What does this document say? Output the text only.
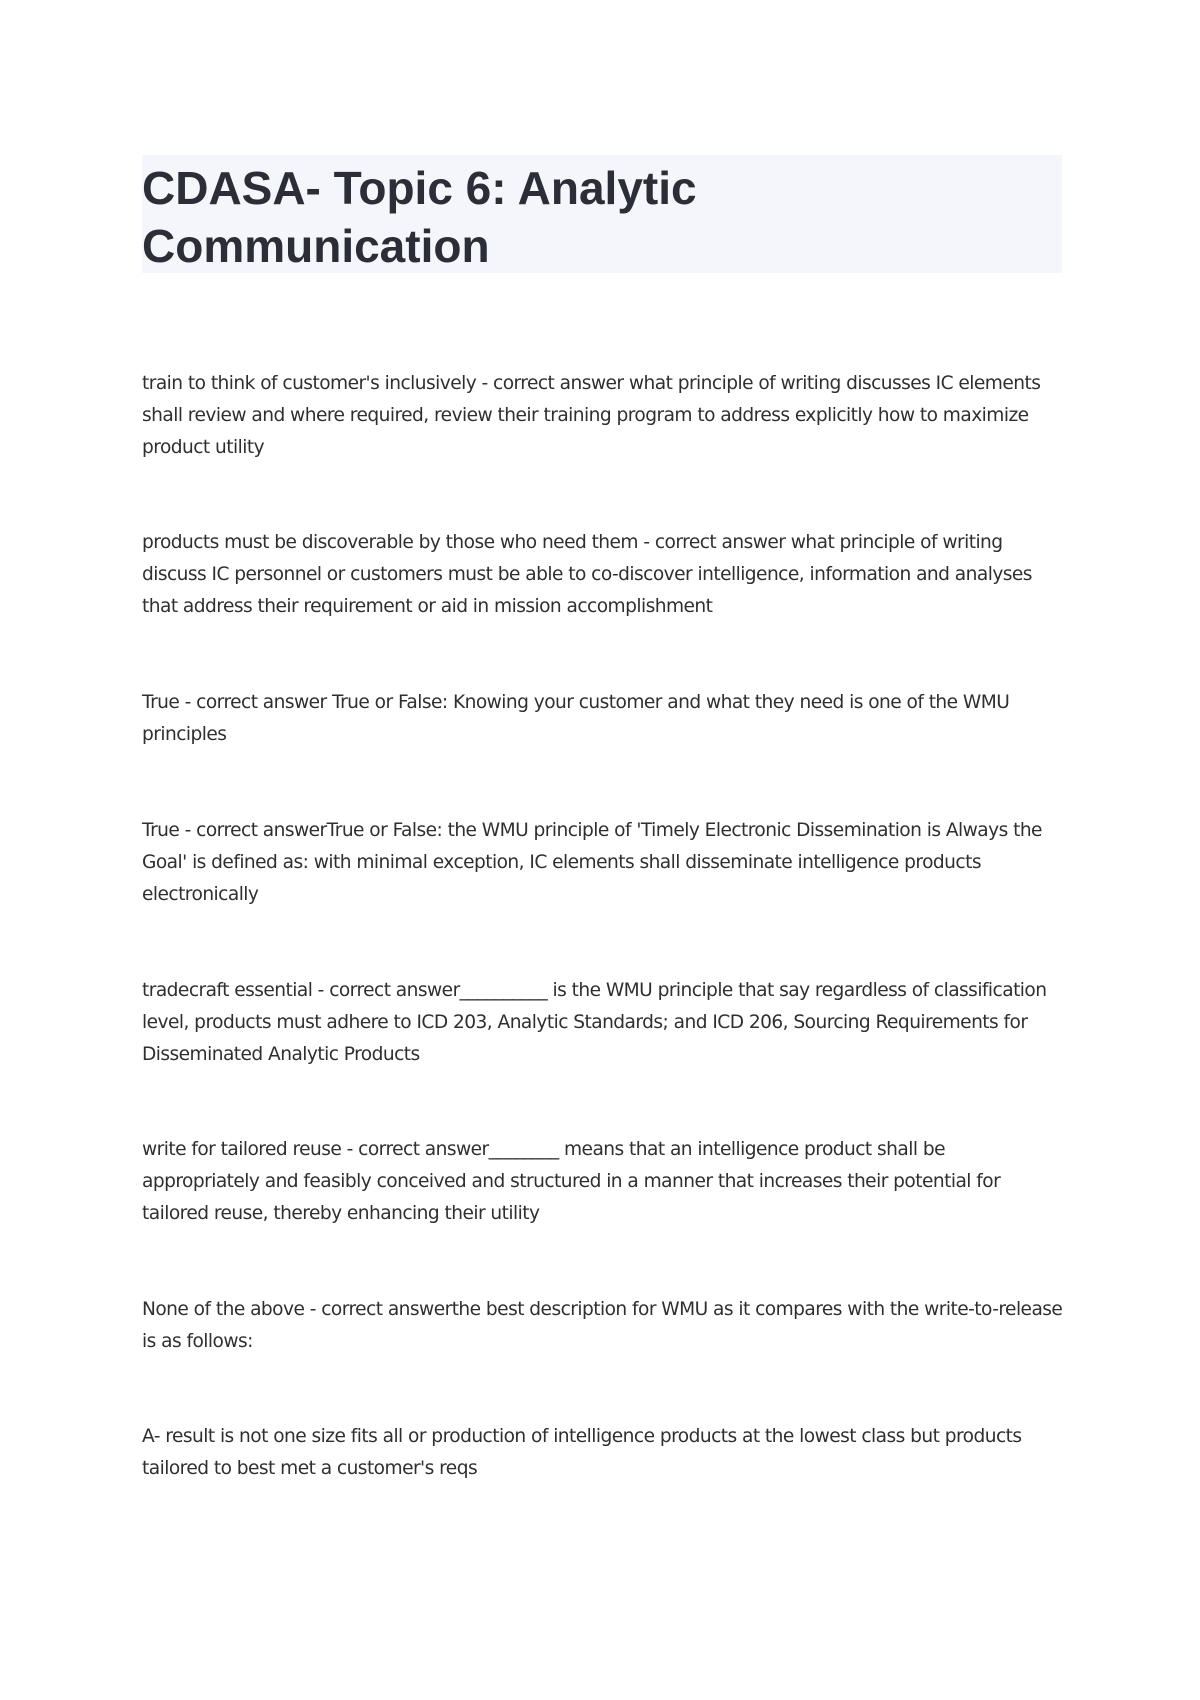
CDASA- Topic 6: Analytic Communication

train to think of customer's inclusively - correct answer what principle of writing discusses IC elements shall review and where required, review their training program to address explicitly how to maximize product utility

products must be discoverable by those who need them - correct answer what principle of writing discuss IC personnel or customers must be able to co-discover intelligence, information and analyses that address their requirement or aid in mission accomplishment

True - correct answer True or False: Knowing your customer and what they need is one of the WMU principles

True - correct answerTrue or False: the WMU principle of 'Timely Electronic Dissemination is Always the Goal' is defined as: with minimal exception, IC elements shall disseminate intelligence products electronically

tradecraft essential - correct answer__________ is the WMU principle that say regardless of classification level, products must adhere to ICD 203, Analytic Standards; and ICD 206, Sourcing Requirements for Disseminated Analytic Products

write for tailored reuse - correct answer________ means that an intelligence product shall be appropriately and feasibly conceived and structured in a manner that increases their potential for tailored reuse, thereby enhancing their utility

None of the above - correct answerthe best description for WMU as it compares with the write-to-release is as follows:

A- result is not one size fits all or production of intelligence products at the lowest class but products tailored to best met a customer's reqs
